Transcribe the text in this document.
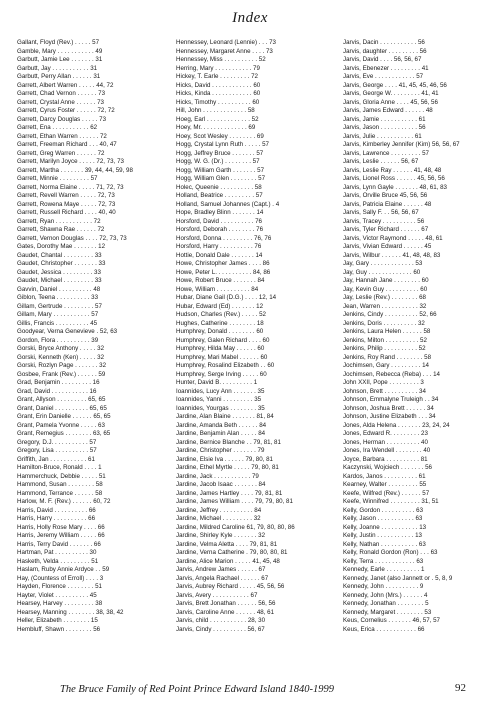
Index
Gallant, Floyd (Rev.) . . . . . 57
Gamble, Mary . . . . . . . . . . . 49
Garbutt, Jamie Lee . . . . . . . 31
Garbutt, Jay . . . . . . . . . . . 31
Garbutt, Perry Allan . . . . . . 31
Garrett, Albert Warren . . . . . 44, 72
Garrett, Chad Vernon . . . . . . 73
Garrett, Crystal Anne . . . . . . 73
Garrett, Cyrus Foster . . . . . . 72, 72
Garrett, Darcy Douglas . . . . . 73
Garrett, Ena . . . . . . . . . . . 62
Garrett, Ethan Warren . . . . . . 72
Garrett, Freeman Richard . . . 40, 47
Garrett, Greg Warren . . . . . . 72
Garrett, Marilyn Joyce . . . . . 72, 73, 73
Garrett, Martha . . . . . . . 39, 44, 44, 59, 98
Garrett, Minnie . . . . . . . . . 57
Garrett, Norma Elaine . . . . . 71, 72, 73
Garrett, Revell Warren . . . . . 72, 73
Garrett, Rowena Maye . . . . . 72, 73
Garrett, Russell Richard . . . . 40, 40
Garrett, Ryan . . . . . . . . . . . 72
Garrett, Shawna Rae . . . . . . 72
Garrett, Vernon Douglas . . . . 72, 73, 73
Gates, Dorothy Mae . . . . . . . 12
Gaudet, Chantal . . . . . . . . . 33
Gaudet, Christopher . . . . . . . 33
Gaudet, Jessica . . . . . . . . . 33
Gaudet, Michael . . . . . . . . . 33
Gavvin, Daniel . . . . . . . . . . 48
Giblon, Teena . . . . . . . . . . 33
Gillam, Gertrude . . . . . . . . . 57
Gillam, Mary . . . . . . . . . . . 57
Gillis, Francis . . . . . . . . . . 45
Goodyear, Verna Genevieve . 52, 63
Gordon, Flora . . . . . . . . . . 39
Gorski, Bryce Anthony . . . . . 32
Gorski, Kenneth (Ken) . . . . . 32
Gorski, Rozlyn Page . . . . . . . 32
Gosbee, Frank (Rev.) . . . . . . 59
Grad, Benjamin . . . . . . . . . 16
Grad, David . . . . . . . . . . . 16
Grant, Allyson . . . . . . . . . 65, 65
Grant, Daniel . . . . . . . . . . 65, 65
Grant, Erin Danielle . . . . . . 65, 65
Grant, Pamela Yvonne . . . . . 63
Grant, Remegius . . . . . . . . 63, 65
Gregory, D.J. . . . . . . . . . . 57
Gregory, Lisa . . . . . . . . . . 57
Griffith, Jan . . . . . . . . . . . 61
Hamilton-Bruce, Ronald . . . . 1
Hammerchuck, Debbie . . . . . 51
Hammond, Susan . . . . . . . . 58
Hammond, Terrance . . . . . . 58
Harlow, M. F. (Rev.) . . . . . . 60, 72
Harris, David . . . . . . . . . . 66
Harris, Harry . . . . . . . . . . 66
Harris, Holly Rose Mary . . . . 66
Harris, Jeremy William . . . . . 66
Harris, Terry David . . . . . . . 66
Hartman, Pat . . . . . . . . . . 30
Hasketh, Velda . . . . . . . . . 51
Haslam, Ruby Annie Ardyce . . 59
Hay, (Countess of Erroll) . . . . 3
Hayden, Florence . . . . . . . . 51
Hayter, Violet . . . . . . . . . . 45
Hearsey, Harvey . . . . . . . . . 38
Hearsey, Manning . . . . . . . . 38, 38, 42
Heller, Elizabeth . . . . . . . . 15
Hembluff, Shawn . . . . . . . . 56
Hennessey, Leonard (Lennie) . . . 73
Hennessey, Margaret Anne . . . . 73
Hennessey, Miss . . . . . . . . . . 52
Herring, Mary . . . . . . . . . . . 79
Hickey, T. Earle . . . . . . . . . 72
Hicks, David . . . . . . . . . . . . 60
Hicks, Kinda . . . . . . . . . . . . 60
Hicks, Timothy . . . . . . . . . . 60
Hill, John . . . . . . . . . . . . . 58
Hoeg, Earl . . . . . . . . . . . . . 52
Hoey, Mr. . . . . . . . . . . . . . 69
Hoey, Scot Wesley . . . . . . . . 69
Hogg, Crystal Lynn Ruth . . . . . 57
Hogg, Jeffrey Bruce . . . . . . . 57
Hogg, W. G. (Dr.) . . . . . . . . 57
Hogg, William Garth . . . . . . . 57
Hogg, William Glen . . . . . . . . 57
Holec, Queenie . . . . . . . . . . 58
Holland, Beatrice . . . . . . . . . 57
Holland, Samuel Johannes (Capt.) . 4
Hope, Bradley Blinn . . . . . . . 14
Horsford, David . . . . . . . . . . 76
Horsford, Deborah . . . . . . . . 76
Horsford, Donna . . . . . . . . . 76, 76
Horsford, Harry . . . . . . . . . . 76
Hottie, Donald Dale . . . . . . . 14
Howe, Christopher James . . . . 86
Howe, Peter L. . . . . . . . . . . 84, 86
Howe, Robert Bruce . . . . . . . 84
Howe, William . . . . . . . . . . 84
Hubar, Diane Gail (D.G.) . . . . 12, 14
Hubar, Edward (Ed) . . . . . . . 12
Hudson, Charles (Rev.) . . . . . 52
Hughes, Catherine . . . . . . . . 18
Humphrey, Donald . . . . . . . . 60
Humphrey, Galen Richard . . . . 60
Humphrey, Hilda May . . . . . . 60
Humphrey, Mari Mabel . . . . . . 60
Humphrey, Rosalind Elizabeth . . 60
Humphrey, Serge Irving . . . . . 60
Hunter, David B. . . . . . . . . . 1
Ioannides, Lucy Ann . . . . . . . 35
Ioannides, Yanni . . . . . . . . . 35
Ioannides, Yourgas . . . . . . . . 35
Jardine, Alan Blaine . . . . . . . 81, 84
Jardine, Amanda Beth . . . . . . 84
Jardine, Benjamin Alan . . . . . 84
Jardine, Bernice Blanche . . 79, 81, 81
Jardine, Christopher . . . . . . . 79
Jardine, Elsie Iva . . . . . . 79, 80, 81
Jardine, Ethel Myrtle . . . . . 79, 80, 81
Jardine, Jack . . . . . . . . . . . 79
Jardine, Jacob Isaac . . . . . . . 84
Jardine, James Hartley . . . . 79, 81, 81
Jardine, James William . . . . 79, 79, 80, 81
Jardine, Jeffrey . . . . . . . . . . 84
Jardine, Michael . . . . . . . . . 32
Jardine, Mildred Caroline 61, 79, 80, 80, 86
Jardine, Shirley Kyle . . . . . . . 32
Jardine, Velma Aletta . . . . 79, 81, 81
Jardine, Verna Catherine . 79, 80, 80, 81
Jardine, Alice Marion . . . . . 41, 45, 48
Jarvis, Andrew James . . . . . . 67
Jarvis, Angela Rachael . . . . . . 67
Jarvis, Aubrey Richard . . . . . 45, 56, 56
Jarvis, Avery . . . . . . . . . . . 67
Jarvis, Brett Jonathan . . . . . . 56, 56
Jarvis, Caroline Anne . . . . . . 48, 61
Jarvis, child . . . . . . . . . . . 28, 30
Jarvis, Cindy . . . . . . . . . . 56, 67
Jarvis, Dacin . . . . . . . . . . . 56
Jarvis, daughter . . . . . . . . . 56
Jarvis, David . . . . 56, 56, 67
Jarvis, Ebenezer . . . . . . . . . 41
Jarvis, Eve . . . . . . . . . . . . 57
Jarvis, George . . . . 41, 45, 45, 46, 56
Jarvis, George W. . . . . . . . . 41, 41
Jarvis, Gloria Anne . . . . 45, 56, 56
Jarvis, James Edward . . . . . . 48
Jarvis, Jamie . . . . . . . . . . . 61
Jarvis, Jason . . . . . . . . . . . 56
Jarvis, Julie . . . . . . . . . . . 61
Jarvis, Kimberley Jennifer (Kim) 56, 56, 67
Jarvis, Lawrence . . . . . . . . . 57
Jarvis, Leslie . . . . . . 56, 67
Jarvis, Leslie Ray . . . . . . 41, 48, 48
Jarvis, Lionel Ross . . . . . . 45, 56, 56
Jarvis, Lynn Gayle . . . . . . . 48, 61, 83
Jarvis, Orville Bruce 45, 56, 56
Jarvis, Patricia Elaine . . . . . . 48
Jarvis, Sally F. . . 56, 56, 67
Jarvis, Tracey . . . . . . . . . . 56
Jarvis, Tyler Richard . . . . . . 67
Jarvis, Victor Raymond . . . . . 48, 61
Jarvis, Vivian Edward . . . . . . 45
Jarvis, Wilbur . . . . . . 41, 48, 48, 83
Jay, Gary . . . . . . . . . . . . . 53
Jay, Guy . . . . . . . . . . . . . 60
Jay, Hannah Jane . . . . . . . . 60
Jay, Kevin Guy . . . . . . . . . . 60
Jay, Leslie (Rev.) . . . . . . . . 68
Jean, Warren . . . . . . . . . . . 32
Jenkins, Cindy . . . . . . . . . . 52, 66
Jenkins, Doris . . . . . . . . . . 32
Jenkins, Laura Helen . . . . . . 58
Jenkins, Milton . . . . . . . . . . 52
Jenkins, Philip . . . . . . . . . . 52
Jenkins, Roy Rand . . . . . . . . 58
Jochimsen, Gary . . . . . . . . . 14
Jochimsen, Rebecca (Reba) . . . 14
John XXII, Pope . . . . . . . . . 3
Johnson, Brett . . . . . . . . . . 34
Johnson, Emmalyne Truleigh . . 34
Johnson, Joshua Brett . . . . . . 34
Johnson, Justine Elizabeth . . . 34
Jones, Alda Helena . . . . . . . 23, 24, 24
Jones, Edward R. . . . . . . . . 23
Jones, Herman . . . . . . . . . . 40
Jones, Ira Wendell . . . . . . . . 40
Joyce, Barbara . . . . . . . . . . 81
Kaczynski, Wojciech . . . . . . . 56
Kardos, Janos . . . . . . . . . . 61
Kearney, Walter . . . . . . . . . 55
Keefe, Wilfred (Rev.) . . . . . . 57
Keefe, Winnifred . . . . . . . . . 31, 51
Kelly, Gordon . . . . . . . . . . 63
Kelly, Jason . . . . . . . . . . . 63
Kelly, Joanne . . . . . . . . . . . 13
Kelly, Justin . . . . . . . . . . . 13
Kelly, Nathan . . . . . . . . . . . 63
Kelly, Ronald Gordon (Ron) . . . 63
Kelly, Terra . . . . . . . . . . . . 63
Kennedy, Earle . . . . . . . . . . 1
Kennedy, Janet (also Jannett or . 5, 8, 9
Kennedy, John . . . . . . . . . . 9
Kennedy, John (Mrs.) . . . . . . 4
Kennedy, Jonathan . . . . . . . . 5
Kennedy, Margaret . . . . . . . . 53
Keus, Cornelius . . . . . . . 46, 57, 57
Keus, Erica . . . . . . . . . . . . 66
The Bruce Family of Red Point Prince Edward Island 1840-1999	92
